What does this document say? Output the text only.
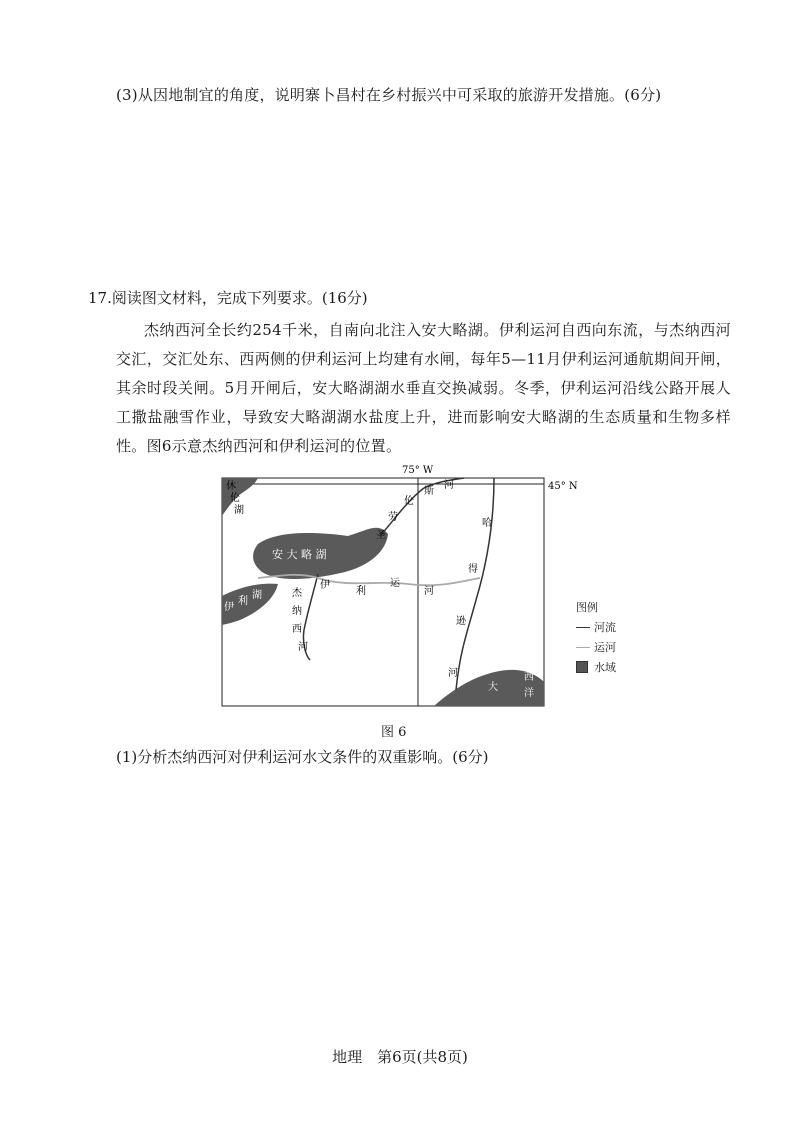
(3)从因地制宜的角度，说明寨卜昌村在乡村振兴中可采取的旅游开发措施。(6分)
17.阅读图文材料，完成下列要求。(16分)

杰纳西河全长约254千米，自南向北注入安大略湖。伊利运河自西向东流，与杰纳西河交汇，交汇处东、西两侧的伊利运河上均建有水闸，每年5—11月伊利运河通航期间开闸，其余时段关闸。5月开闸后，安大略湖湖水垂直交换减弱。冬季，伊利运河沿线公路开展人工撒盐融雪作业，导致安大略湖湖水盐度上升，进而影响安大略湖的生态质量和生物多样性。图6示意杰纳西河和伊利运河的位置。

75° W
45° N
休
伦
湖
安 大 略 湖
伊
利
湖	杰
纳
西
河
伊
利
运
河
圣
劳
伦
斯
河
哈
得
逊
河
大
西
洋
图例
河流
运河
水域
图 6
(1)分析杰纳西河对伊利运河水文条件的双重影响。(6分)
地理　第6页(共8页)
